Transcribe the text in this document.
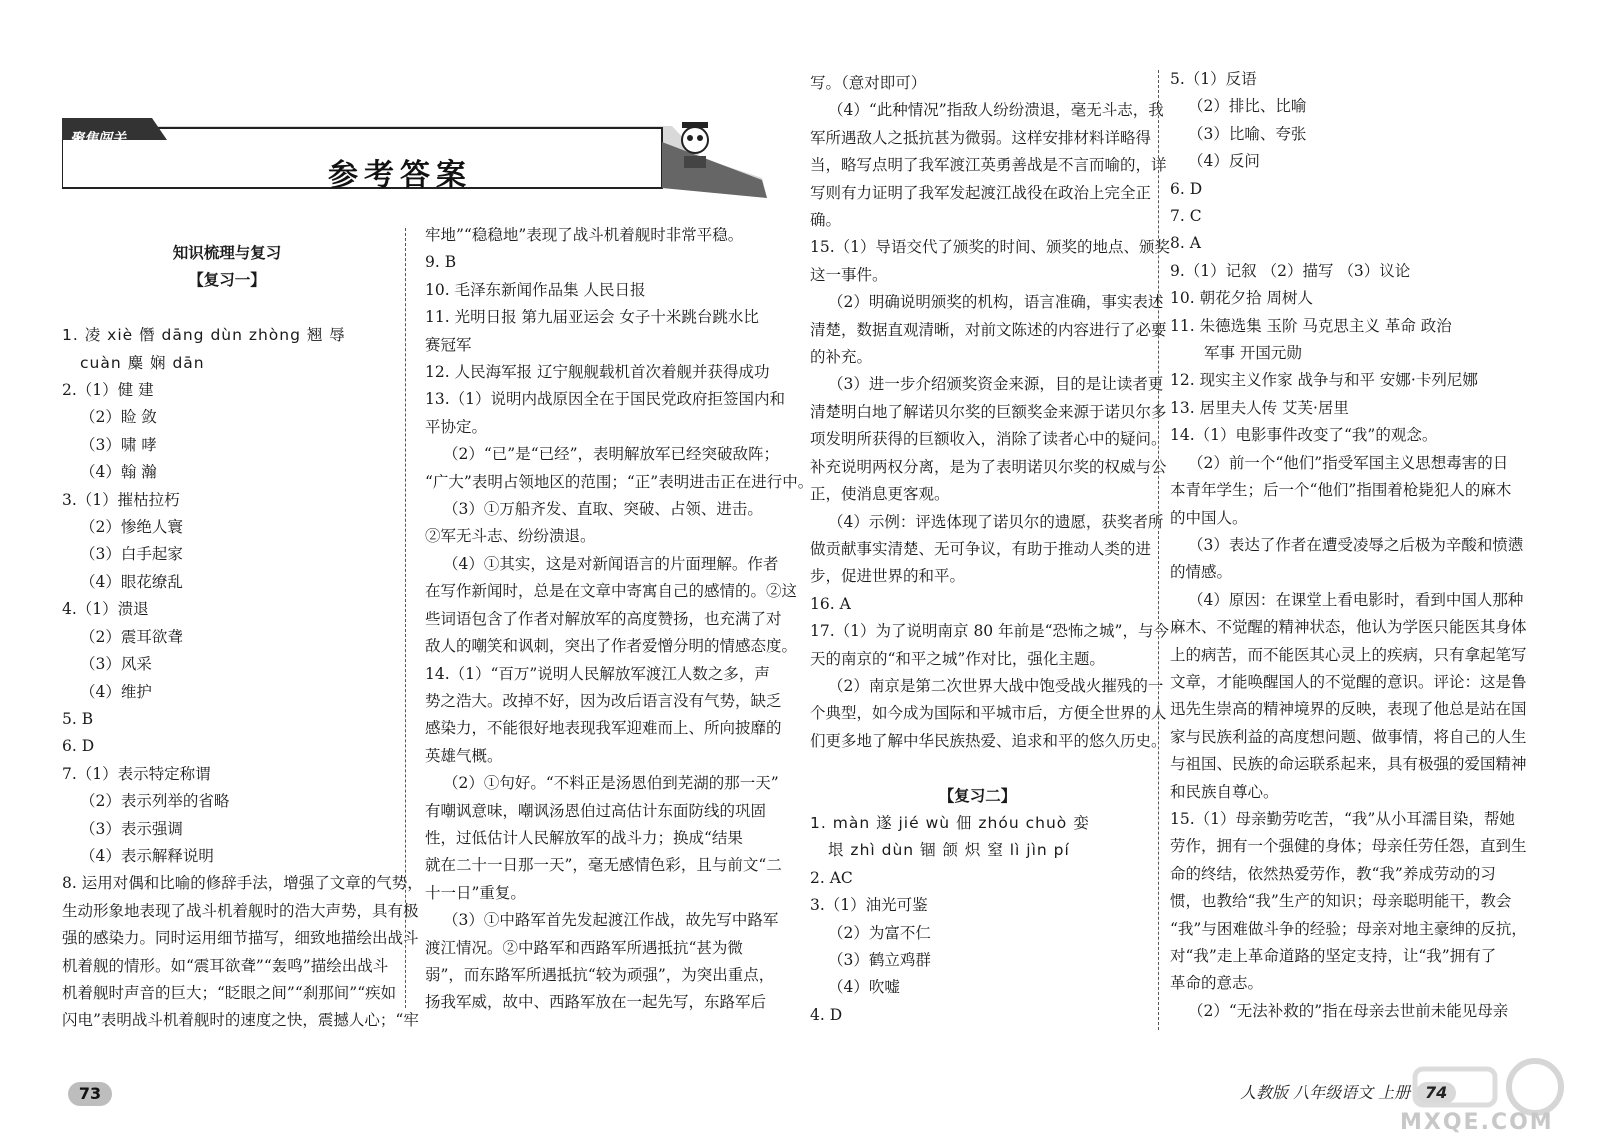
聚焦闯关
参考答案
知识梳理与复习
【复习一】

1. 凌 xiè 僭 dāng dùn zhòng 翘 辱
cuàn 麋 娴 dān
2.（1）健 建
（2）睑 敛
（3）啸 哮
（4）翰 瀚
3.（1）摧枯拉朽
（2）惨绝人寰
（3）白手起家
（4）眼花缭乱
4.（1）溃退
（2）震耳欲聋
（3）风采
（4）维护
5. B
6. D
7.（1）表示特定称谓
（2）表示列举的省略
（3）表示强调
（4）表示解释说明
8. 运用对偶和比喻的修辞手法，增强了文章的气势，
生动形象地表现了战斗机着舰时的浩大声势，具有极
强的感染力。同时运用细节描写，细致地描绘出战斗
机着舰的情形。如“震耳欲聋”“轰鸣”描绘出战斗
机着舰时声音的巨大；“眨眼之间”“刹那间”“疾如
闪电”表明战斗机着舰时的速度之快，震撼人心；“牢
牢地”“稳稳地”表现了战斗机着舰时非常平稳。
9. B
10. 毛泽东新闻作品集 人民日报
11. 光明日报 第九届亚运会 女子十米跳台跳水比
赛冠军
12. 人民海军报 辽宁舰舰载机首次着舰并获得成功
13.（1）说明内战原因全在于国民党政府拒签国内和
平协定。
（2）“已”是“已经”，表明解放军已经突破敌阵；
“广大”表明占领地区的范围；“正”表明进击正在进行中。
（3）①万船齐发、直取、突破、占领、进击。
②军无斗志、纷纷溃退。
（4）①其实，这是对新闻语言的片面理解。作者
在写作新闻时，总是在文章中寄寓自己的感情的。②这
些词语包含了作者对解放军的高度赞扬，也充满了对
敌人的嘲笑和讽刺，突出了作者爱憎分明的情感态度。
14.（1）“百万”说明人民解放军渡江人数之多，声
势之浩大。改掉不好，因为改后语言没有气势，缺乏
感染力，不能很好地表现我军迎难而上、所向披靡的
英雄气概。
（2）①句好。“不料正是汤恩伯到芜湖的那一天”
有嘲讽意味，嘲讽汤恩伯过高估计东面防线的巩固
性，过低估计人民解放军的战斗力；换成“结果
就在二十一日那一天”，毫无感情色彩，且与前文“二
十一日”重复。
（3）①中路军首先发起渡江作战，故先写中路军
渡江情况。②中路军和西路军所遇抵抗“甚为微
弱”，而东路军所遇抵抗“较为顽强”，为突出重点，
扬我军威，故中、西路军放在一起先写，东路军后
73
写。（意对即可）
（4）“此种情况”指敌人纷纷溃退，毫无斗志，我
军所遇敌人之抵抗甚为微弱。这样安排材料详略得
当，略写点明了我军渡江英勇善战是不言而喻的，详
写则有力证明了我军发起渡江战役在政治上完全正
确。
15.（1）导语交代了颁奖的时间、颁奖的地点、颁奖
这一事件。
（2）明确说明颁奖的机构，语言准确，事实表述
清楚，数据直观清晰，对前文陈述的内容进行了必要
的补充。
（3）进一步介绍颁奖资金来源，目的是让读者更
清楚明白地了解诺贝尔奖的巨额奖金来源于诺贝尔多
项发明所获得的巨额收入，消除了读者心中的疑问。
补充说明两权分离，是为了表明诺贝尔奖的权威与公
正，使消息更客观。
（4）示例：评选体现了诺贝尔的遗愿，获奖者所
做贡献事实清楚、无可争议，有助于推动人类的进
步，促进世界的和平。
16. A
17.（1）为了说明南京 80 年前是“恐怖之城”，与今
天的南京的“和平之城”作对比，强化主题。
（2）南京是第二次世界大战中饱受战火摧残的一
个典型，如今成为国际和平城市后，方便全世界的人
们更多地了解中华民族热爱、追求和平的悠久历史。

【复习二】
1. màn 遂 jié wù 佃 zhóu chuò 娈
垠 zhì dùn 锢 颌 炽 窒 lì jìn pí
2. AC
3.（1）油光可鉴
（2）为富不仁
（3）鹤立鸡群
（4）吹嘘
4. D
5.（1）反语
（2）排比、比喻
（3）比喻、夸张
（4）反问
6. D
7. C
8. A
9.（1）记叙 （2）描写 （3）议论
10. 朝花夕拾 周树人
11. 朱德选集 玉阶 马克思主义 革命 政治
军事 开国元勋
12. 现实主义作家 战争与和平 安娜·卡列尼娜
13. 居里夫人传 艾芙·居里
14.（1）电影事件改变了“我”的观念。
（2）前一个“他们”指受军国主义思想毒害的日
本青年学生；后一个“他们”指围着枪毙犯人的麻木
的中国人。
（3）表达了作者在遭受凌辱之后极为辛酸和愤懑
的情感。
（4）原因：在课堂上看电影时，看到中国人那种
麻木、不觉醒的精神状态，他认为学医只能医其身体
上的病苦，而不能医其心灵上的疾病，只有拿起笔写
文章，才能唤醒国人的不觉醒的意识。评论：这是鲁
迅先生崇高的精神境界的反映，表现了他总是站在国
家与民族利益的高度想问题、做事情，将自己的人生
与祖国、民族的命运联系起来，具有极强的爱国精神
和民族自尊心。
15.（1）母亲勤劳吃苦，“我”从小耳濡目染，帮她
劳作，拥有一个强健的身体；母亲任劳任怨，直到生
命的终结，依然热爱劳作，教“我”养成劳动的习
惯，也教给“我”生产的知识；母亲聪明能干，教会
“我”与困难做斗争的经验；母亲对地主豪绅的反抗，
对“我”走上革命道路的坚定支持，让“我”拥有了
革命的意志。
（2）“无法补救的”指在母亲去世前未能见母亲
人教版 八年级语文 上册 74
MXQE.COM
